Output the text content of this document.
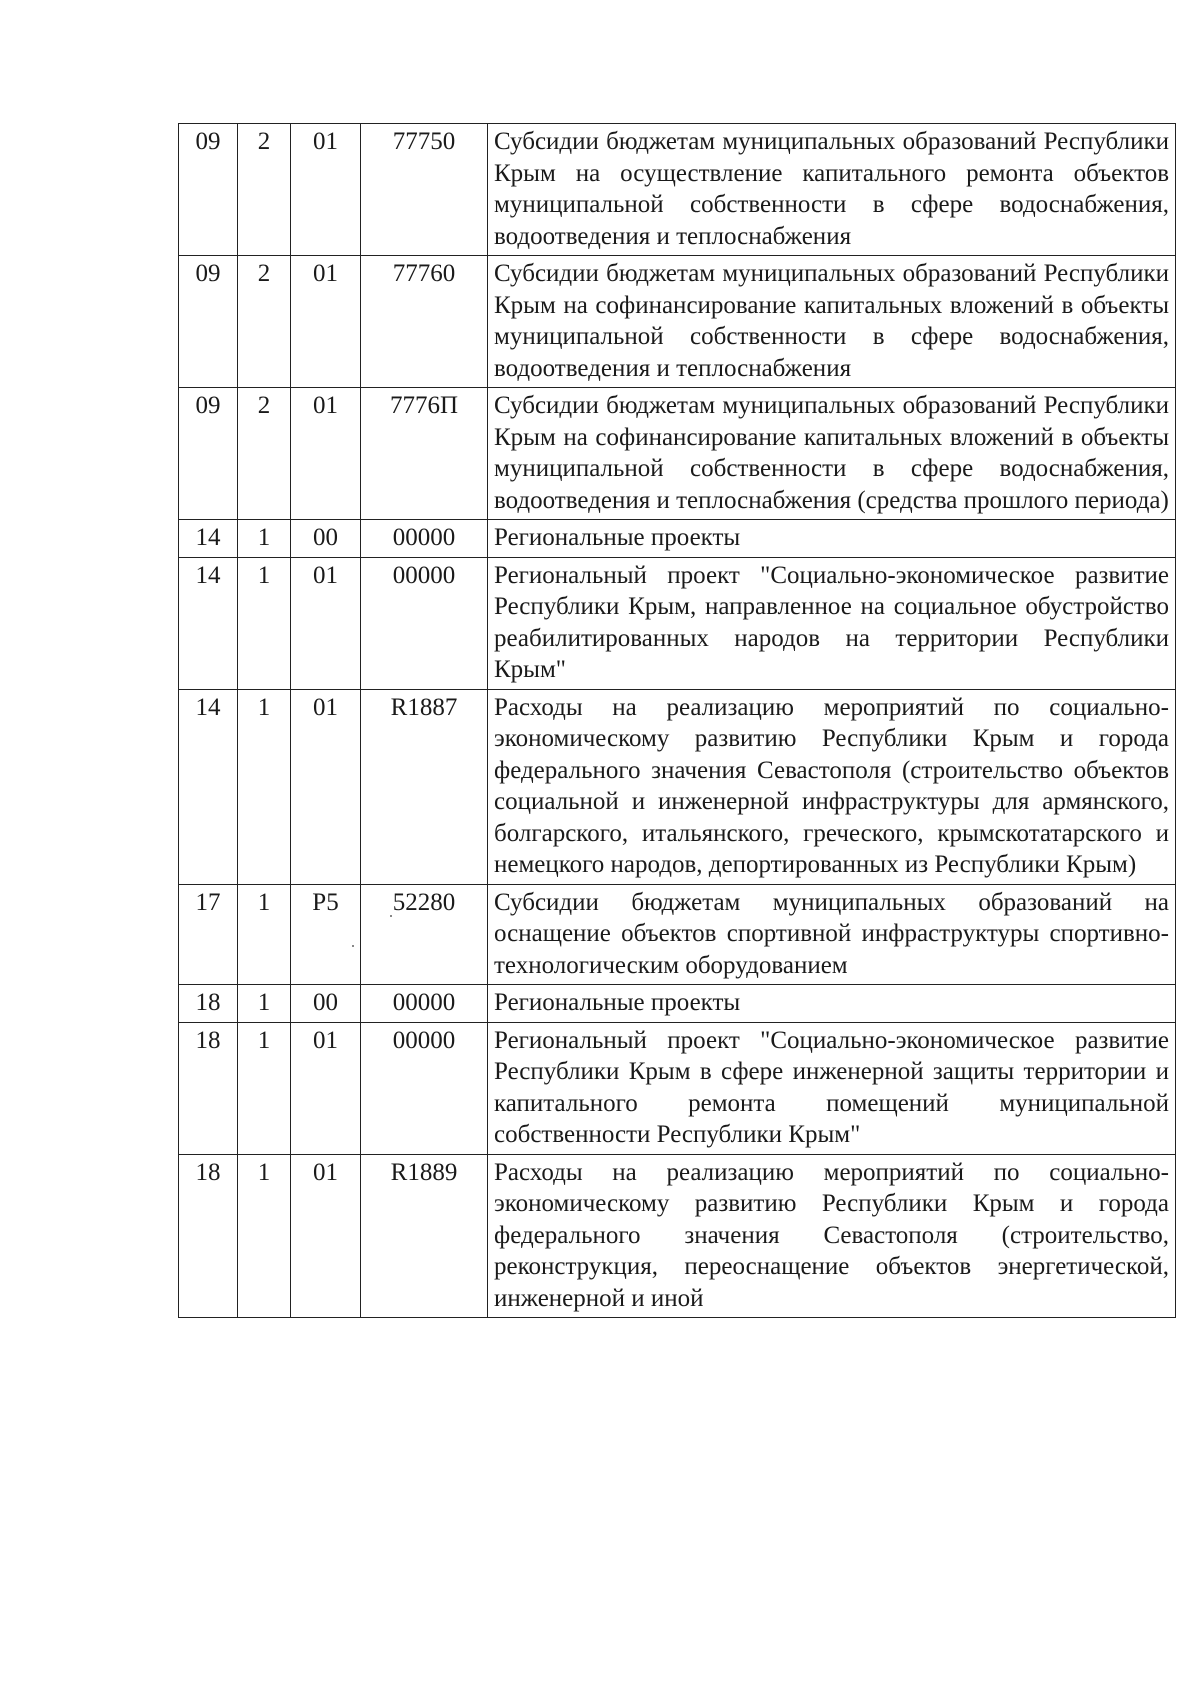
09	2	01	77750	Субсидии бюджетам муниципальных образований Республики Крым на осуществление капитального ремонта объектов муниципальной собственности в сфере водоснабжения, водоотведения и теплоснабжения
09	2	01	77760	Субсидии бюджетам муниципальных образований Республики Крым на софинансирование капитальных вложений в объекты муниципальной собственности в сфере водоснабжения, водоотведения и теплоснабжения
09	2	01	7776П	Субсидии бюджетам муниципальных образований Республики Крым на софинансирование капитальных вложений в объекты муниципальной собственности в сфере водоснабжения, водоотведения и теплоснабжения (средства прошлого периода)
14	1	00	00000	Региональные проекты
14	1	01	00000	Региональный проект "Социально-экономическое развитие Республики Крым, направленное на социальное обустройство реабилитированных народов на территории Республики Крым"
14	1	01	R1887	Расходы на реализацию мероприятий по социально-экономическому развитию Республики Крым и города федерального значения Севастополя (строительство объектов социальной и инженерной инфраструктуры для армянского, болгарского, итальянского, греческого, крымскотатарского и немецкого народов, депортированных из Республики Крым)
17	1	Р5	52280	Субсидии бюджетам муниципальных образований на оснащение объектов спортивной инфраструктуры спортивно-технологическим оборудованием
18	1	00	00000	Региональные проекты
18	1	01	00000	Региональный проект "Социально-экономическое развитие Республики Крым в сфере инженерной защиты территории и капитального ремонта помещений муниципальной собственности Республики Крым"
18	1	01	R1889	Расходы на реализацию мероприятий по социально-экономическому развитию Республики Крым и города федерального значения Севастополя (строительство, реконструкция, переоснащение объектов энергетической, инженерной и иной
